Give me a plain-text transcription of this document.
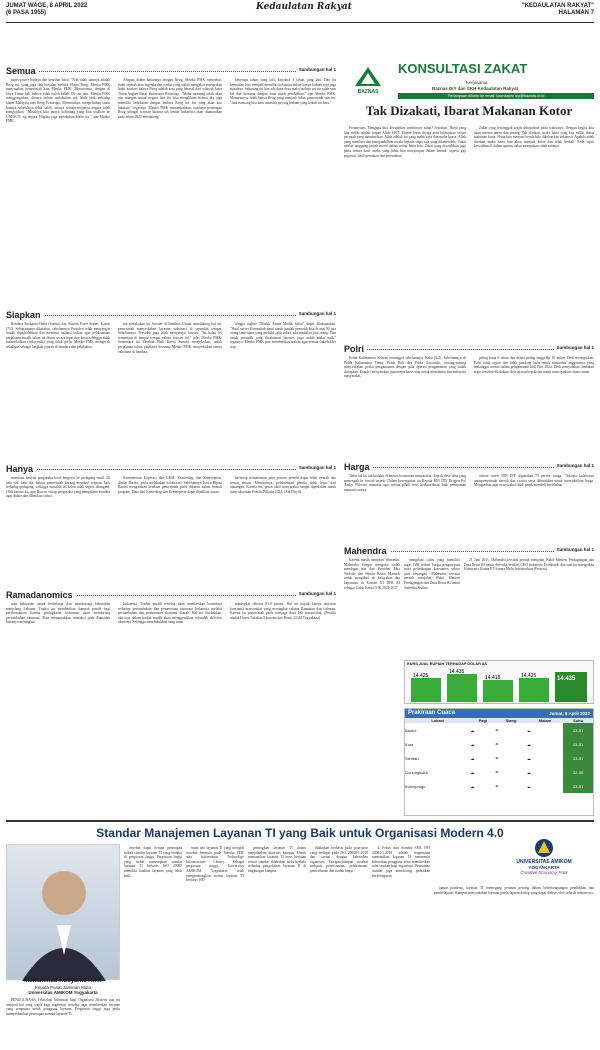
JUMAT WAGE, 8 APRIL 2022
(6 PASA 1955)
Kedaulatan Rakyat	"KEDAULATAN RAKYAT"
HALAMAN 7
Semua	Sambungan hal 1

super power budaya dan kearifan lokal. "Nah salah satunya adalah Reog ini, yang juga tlah berjalan melalui Ekspo Reog, Menko PMK menyatakan pemerintah kata Menko PMK. Menurutnya, dengan di Jawa Timur beli bahwa tidak boleh kalah. Di sisi lain, Menko PMK menggingatkan, dirinya belum melakukan cek lebih jauh terhadap klaim Malaysia atas Reog Ponorogo. Menurutnya, mengelitikan suatu budaya sebetulnya tidak salah, artinya semaju-majunya negara tolah mengajukan. "Misalnya kita punya kolintang yang kita usulkan ke UNESCO, itu negara Filipina juga melakukan klaim itu," ujar Menko PMK.

Adapun dalam kaitannya dengan Reog, Menko PMK menyebut, bukti sejarah atau legenda dan tradisi yang sudah mengakar merupakan bukti konkret bahwa Reog adalah seni yang berasal dari wilayah Jawa Timur bagian Barat khususnya Ponorogo. "Maka memang tidak akan ada ruangan untuk negara lain itu bisa mengklaim bahwa dia juga memiliki kedekatan dengan budaya Reog ini. Itu yang akan kita lakukan," tegasnya. Menko PMK menambahkan, nantinya penetapan Reog sebagai warisan budaya tak benda Indonesia akan diumumkan pada tahun 2023 mendatang.

beberapa tahun yang lalu, kira-kira 5 tahun yang lalu. Dan itu kemudian kita menjadi memiliki kekuatan bukan hanya hukum tapi juga misalnya. Sekarang ini kan ada dana desa maka budaya ini itu salah satu hal dan bersama dengan dana abadi pendidikan," ujar Menko PMK. Menurutnya, tidak hanya Reog yang menjadi fokus pemerintah saat ini. "Jadi memang kita baru memilih payung hukum yang kokoh itu baru."

BAZNAS
KONSULTASI ZAKAT
Kerjasama
Baznas DIY dan SKH Kedaulatan Rakyat
Pertanyaan dikirim ke email: baznaspro diy@baznas.or.id
Tak Dizakati, Ibarat Makanan Kotor

Pertanyaan: Mengapa kita diwajibkan membayar zakat? Jawaban: Harta yang kita miliki adalah titipan Allah SWT. Titipan harus dijaga atau belanjakan sesuai perintah yang memberikan. Allah adalah zat yang maha kaya dan maha kuasa. Allah yang memberi dan mengambilkan rezeki kepada siapa saja yang dikehendaki. Zakat adalah tanggung jawab moral dalam setiap harta kita. Zakat yang diwajibkan juga pada semua hasil usaha yang tidak kita menyimpan dalam bentuk, seperti gaji pegawai, hasil pertanian dan peternakan.

Zakat yang tertunggak wajib dibayarkan pada waktunya. Dengan begitu kita akan merasa aman dan tenang. Tak dizakati, maka harta yang kita miliki ibarat makanan kotor. Harta kita menjadi bersih bila dikeluarkan zakatnya. Apabila tidak dizakati maka harta kita akan menjadi kotor dan tidak berkah. Pada tujuh kewajiban di dalam agama, zakat merupakan salah satunya.

Siapkan	Sambungan hal 1

Bandara Soekarno-Hatta (Soetta) dan Stasiun Pasar Senen, Kamis (7/4). Sebagaimana diketahui, sebelumnya Presiden telah menyetujui mudik diperbolehkan dan meminta instansi terkait agar pelaksanaan perjalanan mudik tahun ini diatur secara tepat dan ketat sehingga tidak menimbulkan risiko-risiko yang tidak perlu. Menko PMK mengecek sekaligus sebagai langkah jajaran di bandara dan pelabuhan.

tuk melakukan tes booster di bandara. Untuk mendukung hal ini, pemerintah menyediakan layanan vaksinasi di sejumlah tempat. Sebelumnya, Presiden juga telah menyetujui booster. "Ini kalau tes sementara di tempat tempat vaksin booster ini," jelas Menko PMK. Sementara itu Menhub Budi Karya Sumadi menjelaskan, untuk perjalanan udara pihaknya bersama Menko PMK menyediakan sentra vaksinasi di bandara.

hingga tagline "Mudik Aman Mudik Sehat" dapat dilaksanakan. "Hasil survei Kemenhub nanti untuk jumlah pemudik bisa di atas 80 juta orang sementara yang melalui jalur udara ada sembilan juta orang. Dan untuk pemudik yang divaksinasi booster, juga sudah mulai naik," tegasnya. Menko PMK pun memberikan arahan agar semua stakeholder siap.	Polri	Sambungan hal 1

Polda Kalimantan Selatan tertanggal sebelumnya, Rabu (6/4). Sebelumnya di Polda Kalimantan Timur, Polda Bali dan Polda Gorontalo, masing-masing menyediakan posko pengamanan dengan pola operasi pengamanan yang sudah disiapkan. Kapolri menyatakan jajarannya harus siap untuk membantu dan melayani masyarakat.

paling lama 6 tahun dan denda paling tinggi Rp 10 miliar. Dedi menegaskan, Polri tidak segan dan tidak pandang bulu untuk menindak anggotanya yang melanggar aturan dalam pengamanan Idul Fitri 2022. Dedi menyatakan, tindakan tegas tersebut dilakukan oleh jajaran kepolisian untuk menciptakan situasi aman.

Hanya	Sambungan hal 1

membuat banyak pengusaha kecil bergeser ke pedagang retail. Di satu sisi, kata dia, bahwa pemerintah kurang memberi respons baik terhadap pedagang, sehingga masalah ini kalau tidak segera ditangani. Oleh karena itu, ujar Baroto, setiap pengusaha yang mengalami kendala agar didata dan diberikan solusi.

Kementerian Koperasi dan UKM, Kemendag, dan Kemenperin, dinilai Baroto, perlu melakukan kolaborasi. Sebelumnya Ketua Hipmi Bantul mengatakan keadaan pemerintah perlu dibantu dalam bentuk program. Data dari Kemendag dan Kemenperin dapat dijadikan acuan.

berharap pemahaman para peserta pemilu dapat lebih terarah dan sesuai aturan. Menurutnya, pelaksanaan pemilu tidak lepas dari tantangan. Karena itu, peran aktif masyarakat sangat diperlukan untuk menyukseskan Pemilu/Pilkada 2024. (Ant/Obj-d)

Harga	Sambungan hal 1

Tentu hal ini tak berlaku di tataran konsumen masyarakat. Tapi di desa-desa yang menengah ke bawah terjadi. Dalam kesempatan itu Kepala BIN DIY Brigjen Pol Andry Wibowo meminta agar semua pihak terus berkoordinasi baik pemerintah maupun swasta.

sarkan survei BIN DIY digunakan 70 persen warga. "Adanya kolaborasi antarpemerintah daerah dan swasta serta dibutuhkan untuk menstabilkan harga. Mengimbau agar masyarakat tidak panik membeli berlebihan."

Mahendra	Sambungan hal 1

Karena masih menjabat Wamenlu, Mahendra Siregar mengaku sudah mendapat izin dari Presiden Joko Widodo dan Menlu Retno Marsudi untuk mengikuti uji kelayakan dan kepatutan di Komisi XI DPR RI sebagai Calon Ketua OJK 2022-2027.

mengikuti calon yang memiliki tugas OJK terkait fungsi pengawasan serta pelindungan konsumen sektor jasa keuangan. Mahendra tercatat pernah menjabat Wakil Menteri Perdagangan dan Duta Besar RI untuk Amerika Serikat.

21 Juni 2011. Mahendra tercatat pernah menjabat Wakil Menteri Perdagangan dan Duta Besar RI untuk Amerika Serikat, CEO Indonesia Eximbank, dan saat ini merupakan Komisaris Utama PT Sarana Multi Infrastruktur (Persero).

Ramadanomics	Sambungan hal 1

atau kebiasaan untuk berbelanja dan memborong kebutuhan menjelang Lebaran. Tradisi ini memberikan dampak positif bagi perekonomian karena peningkatan konsumsi akan mendorong pertumbuhan ekonomi. Data menunjukkan transaksi pada Ramadan biasanya meningkat.

Indonesia. Tradisi mudik tersebut akan memberikan kontribusi terhadap pertumbuhan dan pemerataan ekonomi Indonesia melalui pertumbuhan dan pemerataan ekonomi daerah. Hal ini disebabkan, aktivitas dalam tradisi mudik akan menggerakkan sejumlah aktivitas ekonomi. Sehingga membutuhkan uang tunai.

meningkat sebesar 81,9 persen. Hal ini terjadi karena aktivitas konsumsi masyarakat yang meningkat selama Ramadan dan Lebaran. Karena itu pemerintah perlu menjaga daya beli masyarakat. (Penulis adalah Dosen Fakultas Ekonomi dan Bisnis UGM Yogyakarta)

KURS JUAL RUPIAH TERHADAP DOLAR AS
14.425
14.435
14.418	14.425	14.435
Prakiraan Cuaca	Jumat, 8 April 2022
Lokasi	Pagi	Siang	Malam	Suhu
Bantul	☁	☂	☁	23-31
Kota	☁	☂	☁	23-31
Sleman	☁	☂	☁	23-31
Gunungkidul	☁	☂	☁	22-30
Kulonprogo	☁	☂	☁	23-31
Standar Manajemen Layanan TI yang Baik untuk Organisasi Modern 4.0
Muhammad Rudyanto Arief
Kepala Pusat Jaminan Mutu
Universitas AMIKOM Yogyakarta

PENGGUNAAN Teknologi Informasi bagi Organisasi Modern saat ini menjadi hal yang wajib bagi organisasi tersebut agar memberikan layanan yang sempurna untuk pengguna layanan. Perguruan tinggi juga perlu memperhatikan penerapan standar layanan TI.

tersebut dapat berupa penerapan terkait standar layanan TI yang berlaku di perguruan tinggi. Perguruan tinggi yang sudah menerapkan standar layanan TI berbasis ISO 20000 memiliki kualitas layanan yang lebih baik.

mutu dan layanan TI yang menjadi tersebut bermula pada Standar ITIL atau Information Technology Infrastructure Library. Sebagai perguruan tinggi, Universitas AMIKOM Yogyakarta telah mengembangkan sistem layanan TI berbasis ISO.

pentingkan layanan TI dalam menjalankan aktivitas kampus. Untuk memastikan layanan TI terus berjalan sesuai standar, dilakukan audit berkala terhadap pengelolaan layanan TI di lingkungan kampus.

dilakukan berbasis pada poin-poin yang terdapat pada ISO 20000-1:2018 dan sesuai dengan kebutuhan organisasi. Tahapan-tahapan tersebut meliputi perencanaan, pelaksanaan, pemeriksaan dan tindak lanjut.

4. Fokus dari Standar SML ISO 20000-1:2018 adalah bagaimana memastikan layanan TI memenuhi kebutuhan pengguna serta memberikan nilai tambah bagi organisasi. Penerapan standar juga mendorong perbaikan berkelanjutan.

jaman pandemi, layanan TI memegang peranan penting dalam keberlangsungan pendidikan dan pembelajaran. Kampus menyediakan layanan pembelajaran daring yang dapat diakses oleh seluruh mahasiswa.

UNIVERSITAS AMIKOM
YOGYAKARTA
Creative Economy Park
